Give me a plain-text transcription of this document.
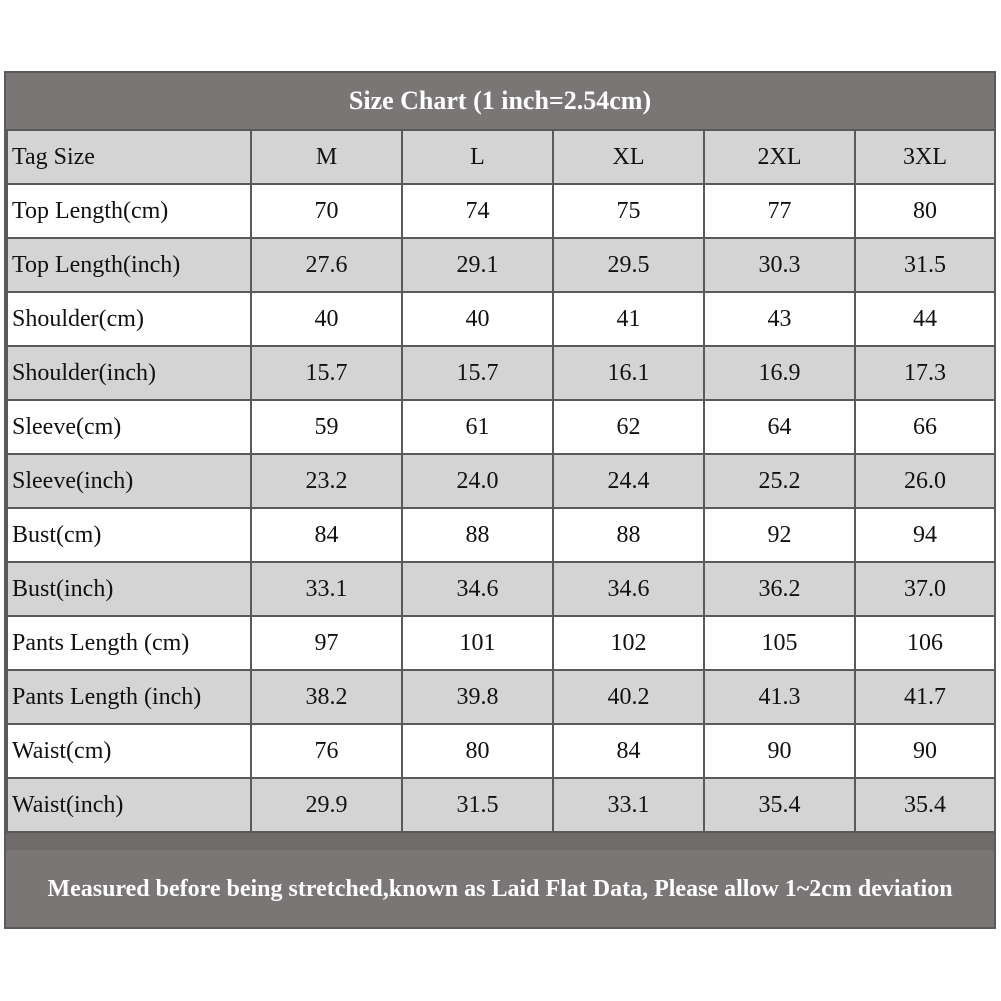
Size Chart (1 inch=2.54cm)
Tag Size	M	L	XL	2XL	3XL
Top Length(cm)	70	74	75	77	80
Top Length(inch)	27.6	29.1	29.5	30.3	31.5
Shoulder(cm)	40	40	41	43	44
Shoulder(inch)	15.7	15.7	16.1	16.9	17.3
Sleeve(cm)	59	61	62	64	66
Sleeve(inch)	23.2	24.0	24.4	25.2	26.0
Bust(cm)	84	88	88	92	94
Bust(inch)	33.1	34.6	34.6	36.2	37.0
Pants Length (cm)	97	101	102	105	106
Pants Length (inch)	38.2	39.8	40.2	41.3	41.7
Waist(cm)	76	80	84	90	90
Waist(inch)	29.9	31.5	33.1	35.4	35.4
Measured before being stretched,known as Laid Flat Data, Please allow 1~2cm deviation
